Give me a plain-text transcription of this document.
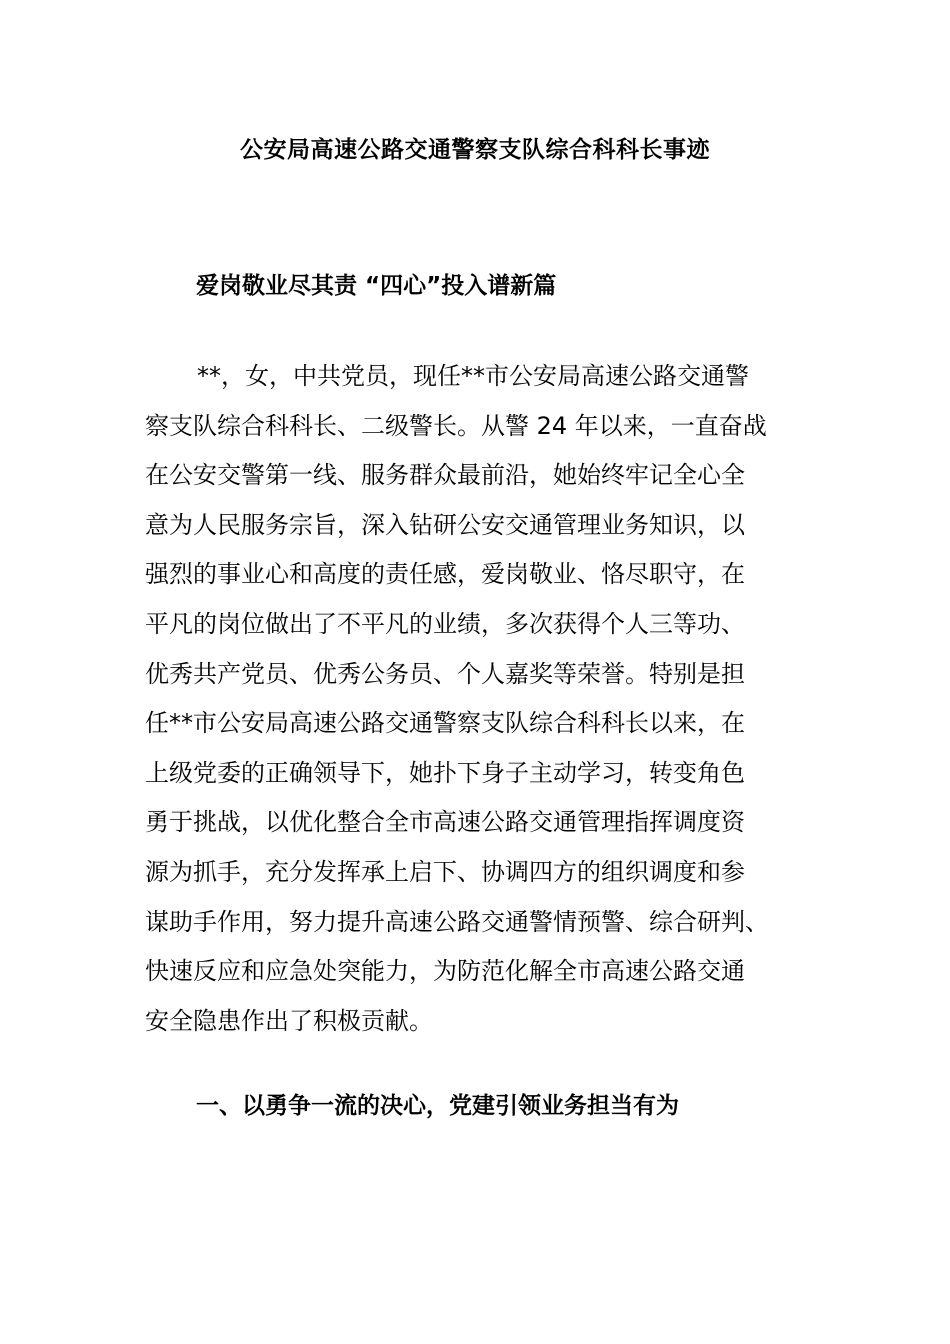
公安局高速公路交通警察支队综合科科长事迹
爱岗敬业尽其责 “四心”投入谱新篇
**，女，中共党员，现任**市公安局高速公路交通警
察支队综合科科长、二级警长。从警 24 年以来，一直奋战
在公安交警第一线、服务群众最前沿，她始终牢记全心全
意为人民服务宗旨，深入钻研公安交通管理业务知识，以
强烈的事业心和高度的责任感，爱岗敬业、恪尽职守，在
平凡的岗位做出了不平凡的业绩，多次获得个人三等功、
优秀共产党员、优秀公务员、个人嘉奖等荣誉。特别是担
任**市公安局高速公路交通警察支队综合科科长以来，在
上级党委的正确领导下，她扑下身子主动学习，转变角色
勇于挑战，以优化整合全市高速公路交通管理指挥调度资
源为抓手，充分发挥承上启下、协调四方的组织调度和参
谋助手作用，努力提升高速公路交通警情预警、综合研判、
快速反应和应急处突能力，为防范化解全市高速公路交通
安全隐患作出了积极贡献。
一、以勇争一流的决心，党建引领业务担当有为
